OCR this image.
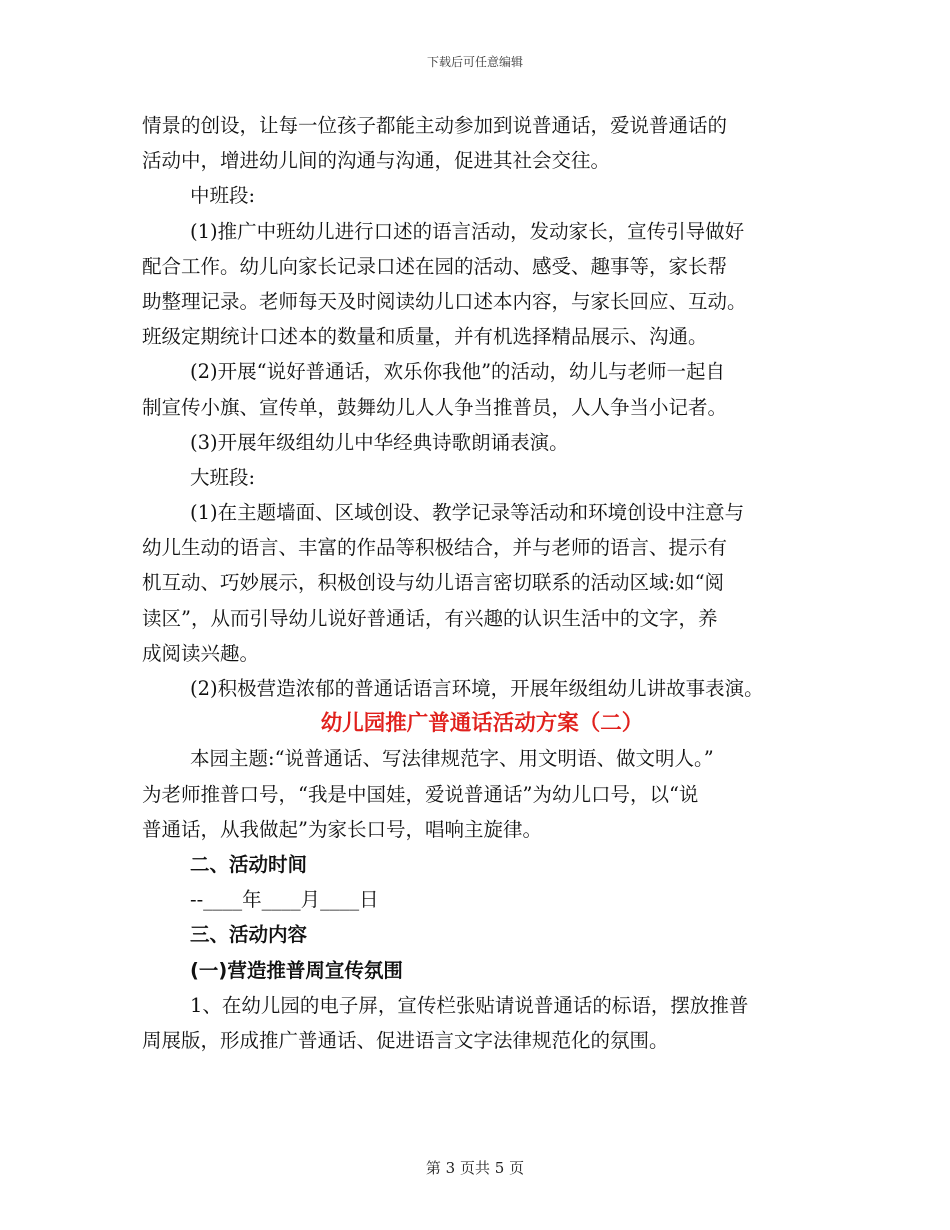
下载后可任意编辑
情景的创设，让每一位孩子都能主动参加到说普通话，爱说普通话的
活动中，增进幼儿间的沟通与沟通，促进其社会交往。
中班段:
(1)推广中班幼儿进行口述的语言活动，发动家长，宣传引导做好
配合工作。幼儿向家长记录口述在园的活动、感受、趣事等，家长帮
助整理记录。老师每天及时阅读幼儿口述本内容，与家长回应、互动。
班级定期统计口述本的数量和质量，并有机选择精品展示、沟通。
(2)开展“说好普通话，欢乐你我他”的活动，幼儿与老师一起自
制宣传小旗、宣传单，鼓舞幼儿人人争当推普员，人人争当小记者。
(3)开展年级组幼儿中华经典诗歌朗诵表演。
大班段:
(1)在主题墙面、区域创设、教学记录等活动和环境创设中注意与
幼儿生动的语言、丰富的作品等积极结合，并与老师的语言、提示有
机互动、巧妙展示，积极创设与幼儿语言密切联系的活动区域:如“阅
读区”，从而引导幼儿说好普通话，有兴趣的认识生活中的文字，养
成阅读兴趣。
(2)积极营造浓郁的普通话语言环境，开展年级组幼儿讲故事表演。
幼儿园推广普通话活动方案（二）
本园主题:“说普通话、写法律规范字、用文明语、做文明人。”
为老师推普口号，“我是中国娃，爱说普通话”为幼儿口号，以“说
普通话，从我做起”为家长口号，唱响主旋律。
二、活动时间
--____年____月____日
三、活动内容
(一)营造推普周宣传氛围
1、在幼儿园的电子屏，宣传栏张贴请说普通话的标语，摆放推普
周展版，形成推广普通话、促进语言文字法律规范化的氛围。
第 3 页共 5 页
